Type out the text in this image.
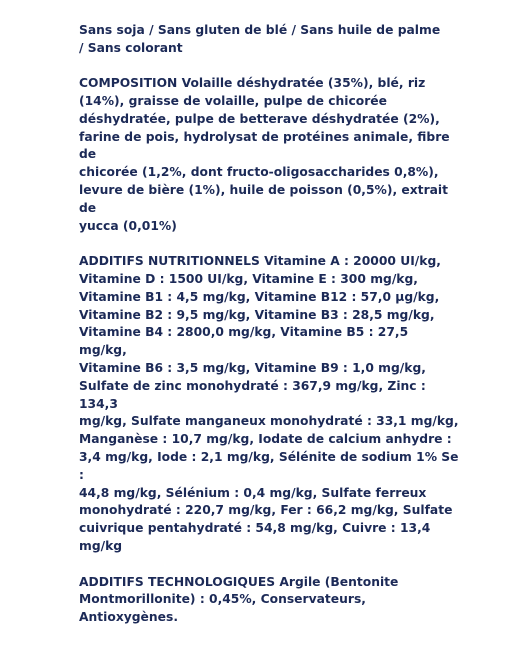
Sans soja / Sans gluten de blé / Sans huile de palme
/ Sans colorant

COMPOSITION Volaille déshydratée (35%), blé, riz
(14%), graisse de volaille, pulpe de chicorée
déshydratée, pulpe de betterave déshydratée (2%),
farine de pois, hydrolysat de protéines animale, fibre de
chicorée (1,2%, dont fructo-oligosaccharides 0,8%),
levure de bière (1%), huile de poisson (0,5%), extrait de
yucca (0,01%)

ADDITIFS NUTRITIONNELS Vitamine A : 20000 UI/kg,
Vitamine D : 1500 UI/kg, Vitamine E : 300 mg/kg,
Vitamine B1 : 4,5 mg/kg, Vitamine B12 : 57,0 µg/kg,
Vitamine B2 : 9,5 mg/kg, Vitamine B3 : 28,5 mg/kg,
Vitamine B4 : 2800,0 mg/kg, Vitamine B5 : 27,5 mg/kg,
Vitamine B6 : 3,5 mg/kg, Vitamine B9 : 1,0 mg/kg,
Sulfate de zinc monohydraté : 367,9 mg/kg, Zinc : 134,3
mg/kg, Sulfate manganeux monohydraté : 33,1 mg/kg,
Manganèse : 10,7 mg/kg, Iodate de calcium anhydre :
3,4 mg/kg, Iode : 2,1 mg/kg, Sélénite de sodium 1% Se :
44,8 mg/kg, Sélénium : 0,4 mg/kg, Sulfate ferreux
monohydraté : 220,7 mg/kg, Fer : 66,2 mg/kg, Sulfate
cuivrique pentahydraté : 54,8 mg/kg, Cuivre : 13,4
mg/kg

ADDITIFS TECHNOLOGIQUES Argile (Bentonite
Montmorillonite) : 0,45%, Conservateurs, Antioxygènes.
